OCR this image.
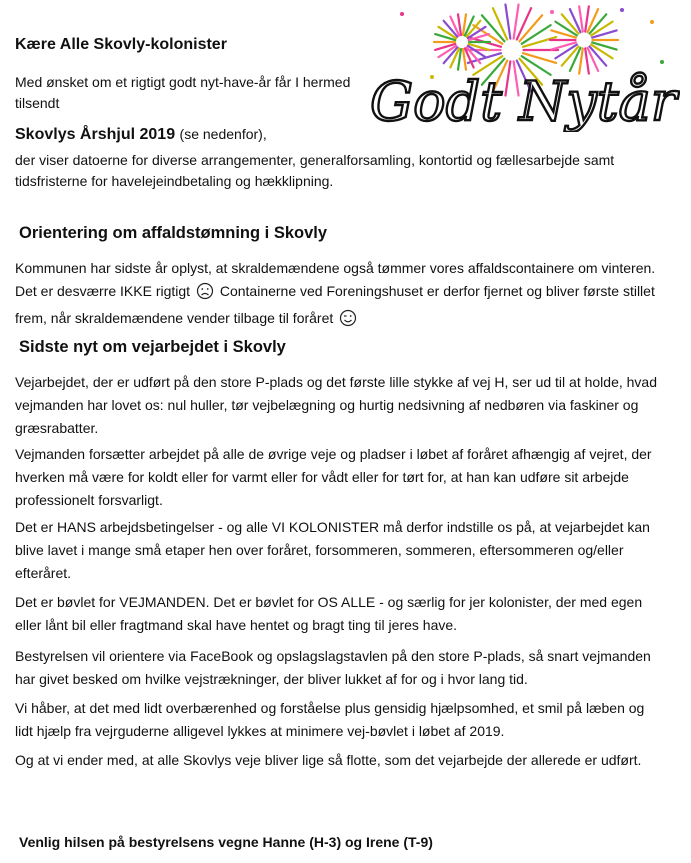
Godt Nytår
Kære Alle Skovly-kolonister

Med ønsket om et rigtigt godt nyt-have-år får I hermed tilsendt

Skovlys Årshjul 2019 (se nedenfor),

der viser datoerne for diverse arrangementer, generalforsamling, kontortid og fællesarbejde samt tidsfristerne for havelejeindbetaling og hækklipning.

Orientering om affaldstømning i Skovly

Kommunen har sidste år oplyst, at skraldemændene også tømmer vores affaldscontainere om vinteren. Det er desværre IKKE rigtigt Containerne ved Foreningshuset er derfor fjernet og bliver første stillet frem, når skraldemændene vender tilbage til foråret

Sidste nyt om vejarbejdet i Skovly

Vejarbejdet, der er udført på den store P-plads og det første lille stykke af vej H, ser ud til at holde, hvad vejmanden har lovet os: nul huller, tør vejbelægning og hurtig nedsivning af nedbøren via faskiner og græsrabatter.

Vejmanden forsætter arbejdet på alle de øvrige veje og pladser i løbet af foråret afhængig af vejret, der hverken må være for koldt eller for varmt eller for vådt eller for tørt for, at han kan udføre sit arbejde professionelt forsvarligt.

Det er HANS arbejdsbetingelser - og alle VI KOLONISTER må derfor indstille os på, at vejarbejdet kan blive lavet i mange små etaper hen over foråret, forsommeren, sommeren, eftersommeren og/eller efteråret.

Det er bøvlet for VEJMANDEN. Det er bøvlet for OS ALLE - og særlig for jer kolonister, der med egen eller lånt bil eller fragtmand skal have hentet og bragt ting til jeres have.

Bestyrelsen vil orientere via FaceBook og opslagslagstavlen på den store P-plads, så snart vejmanden har givet besked om hvilke vejstrækninger, der bliver lukket af for og i hvor lang tid.

Vi håber, at det med lidt overbærenhed og forståelse plus gensidig hjælpsomhed, et smil på læben og lidt hjælp fra vejrguderne alligevel lykkes at minimere vej-bøvlet i løbet af 2019.

Og at vi ender med, at alle Skovlys veje bliver lige så flotte, som det vejarbejde der allerede er udført.

Venlig hilsen på bestyrelsens vegne Hanne (H-3) og Irene (T-9)
